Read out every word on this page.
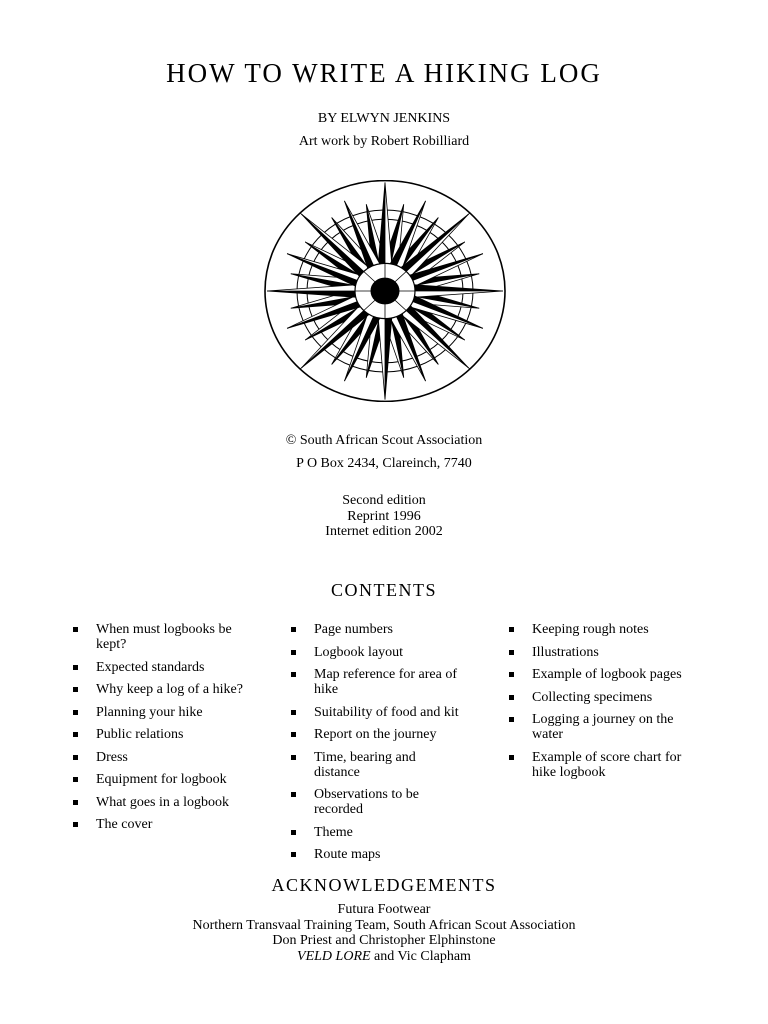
HOW TO WRITE A HIKING LOG
BY ELWYN JENKINS
Art work by Robert Robilliard
© South African Scout Association
P O Box 2434, Clareinch, 7740
Second edition
Reprint 1996
Internet edition 2002
CONTENTS
When must logbooks be kept?
Expected standards
Why keep a log of a hike?
Planning your hike
Public relations
Dress
Equipment for logbook
What goes in a logbook
The cover
Page numbers
Logbook layout
Map reference for area of hike
Suitability of food and kit
Report on the journey
Time, bearing and distance
Observations to be recorded
Theme
Route maps
Keeping rough notes
Illustrations
Example of logbook pages
Collecting specimens
Logging a journey on the water
Example of score chart for hike logbook
ACKNOWLEDGEMENTS
Futura Footwear
Northern Transvaal Training Team, South African Scout Association
Don Priest and Christopher Elphinstone
VELD LORE and Vic Clapham
